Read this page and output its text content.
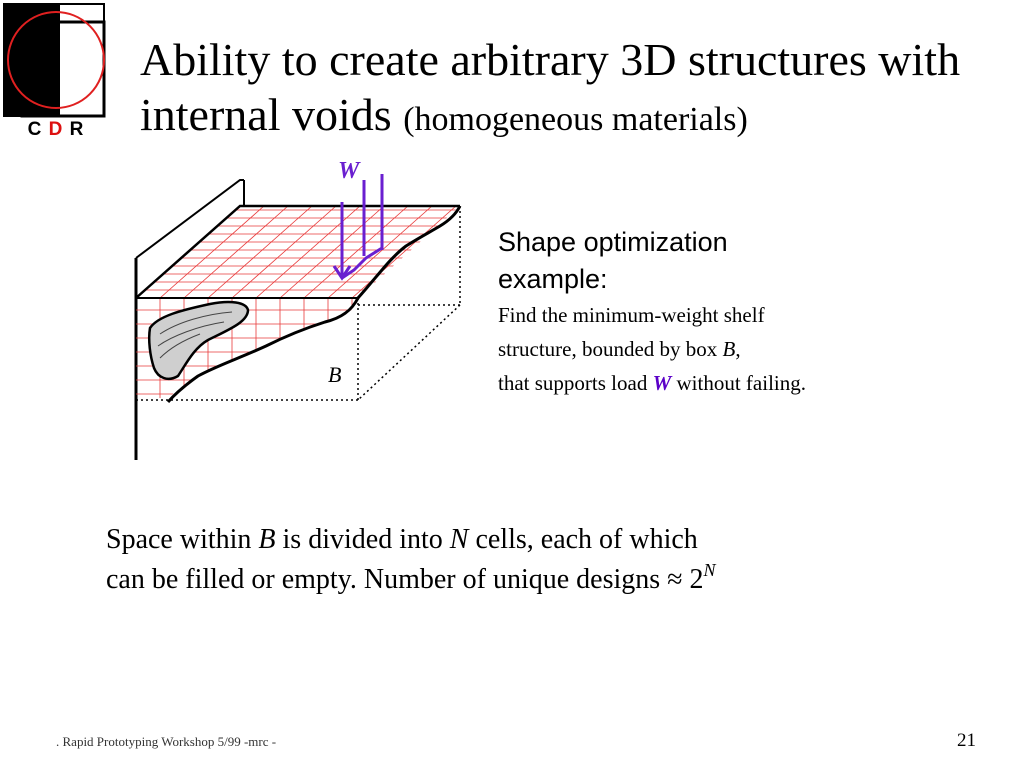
C D R
Ability to create arbitrary 3D structures with internal voids (homogeneous materials)
W
B
Shape optimization example:
Find the minimum-weight shelf
structure, bounded by box B,
that supports load W without failing.
Space within B is divided into N cells, each of which
can be filled or empty. Number of unique designs ≈ $2^N$
. Rapid Prototyping Workshop 5/99 -mrc -	21
